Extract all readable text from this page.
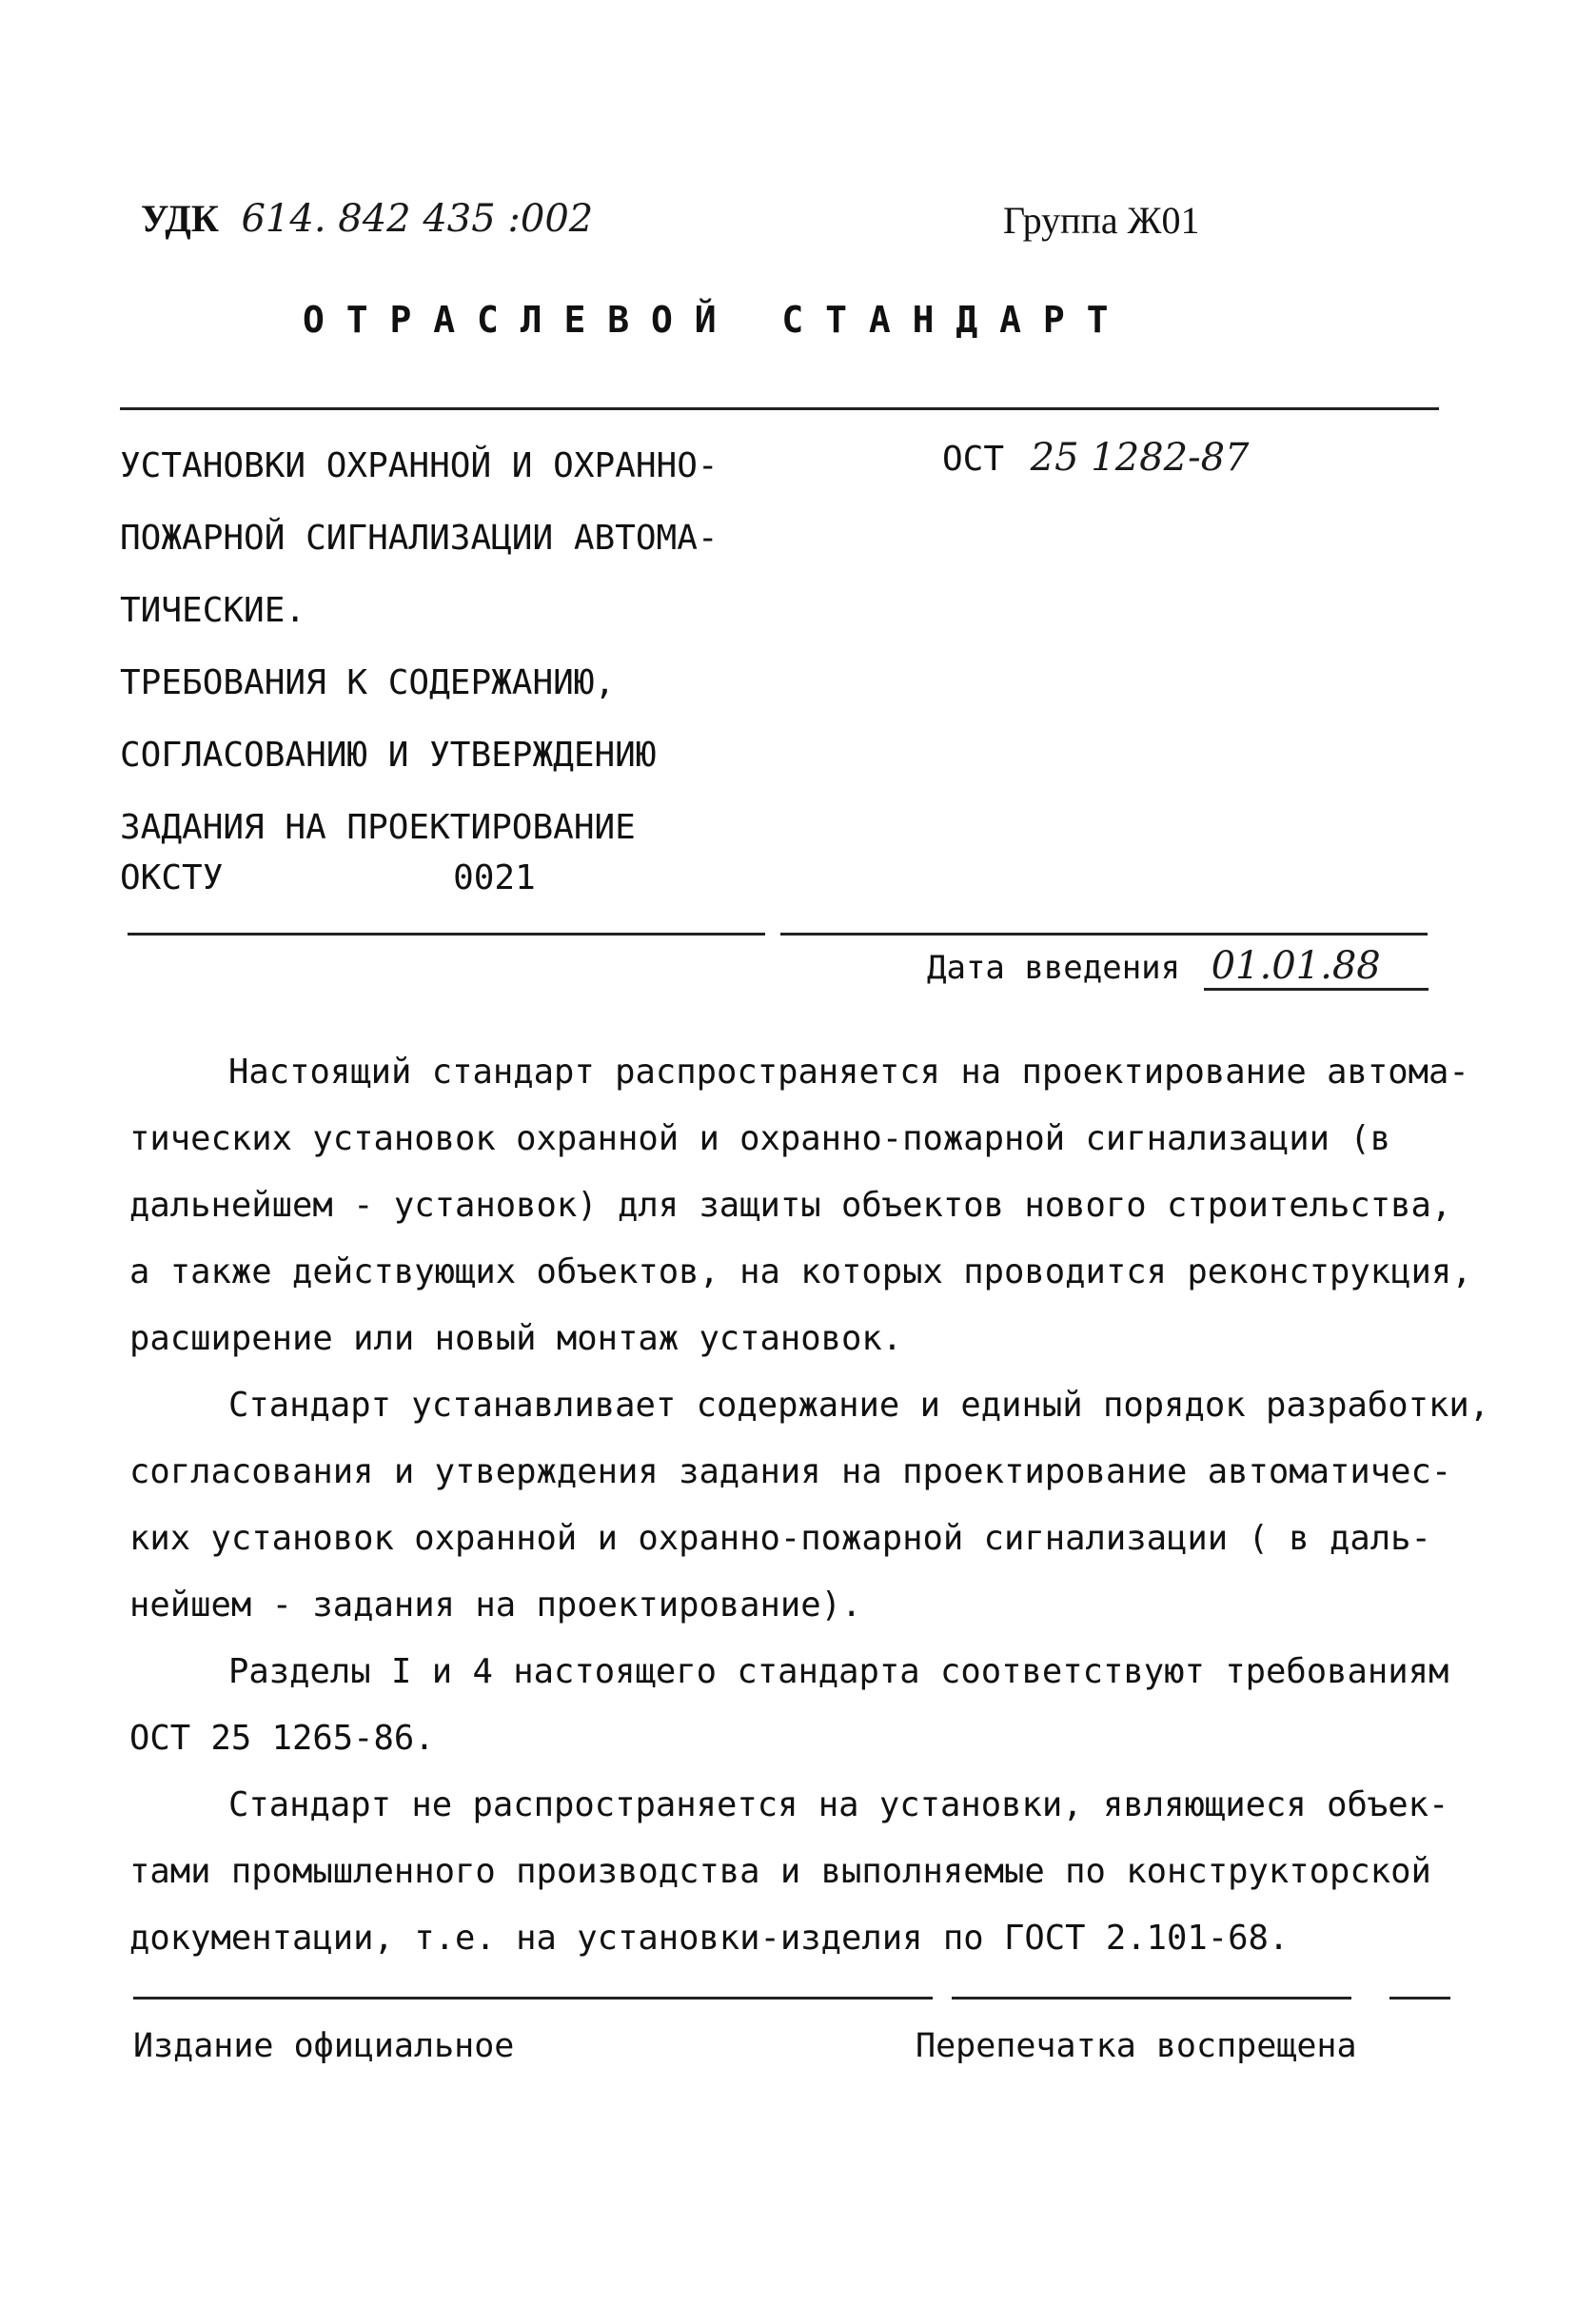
УДК 614. 842 435 :002	Группа Ж01
О Т Р А С Л Е В О Й   С Т А Н Д А Р Т
УСТАНОВКИ ОХРАННОЙ И ОХРАННО-
ПОЖАРНОЙ СИГНАЛИЗАЦИИ АВТОМА-
ТИЧЕСКИЕ.
ТРЕБОВАНИЯ К СОДЕРЖАНИЮ,
СОГЛАСОВАНИЮ И УТВЕРЖДЕНИЮ
ЗАДАНИЯ НА ПРОЕКТИРОВАНИЕ
ОСТ 25 1282-87
ОКСТУ	0021
Дата введения 01.01.88
Настоящий стандарт распространяется на проектирование автома-
тических установок охранной и охранно-пожарной сигнализации (в
дальнейшем - установок) для защиты объектов нового строительства,
а также действующих объектов, на которых проводится реконструкция,
расширение или новый монтаж установок.
Стандарт устанавливает содержание и единый порядок разработки,
согласования и утверждения задания на проектирование автоматичес-
ких установок охранной и охранно-пожарной сигнализации ( в даль-
нейшем - задания на проектирование).
Разделы I и 4 настоящего стандарта соответствуют требованиям
ОСТ 25 1265-86.
Стандарт не распространяется на установки, являющиеся объек-
тами промышленного производства и выполняемые по конструкторской
документации, т.е. на установки-изделия по ГОСТ 2.101-68.
Издание официальное	Перепечатка воспрещена
